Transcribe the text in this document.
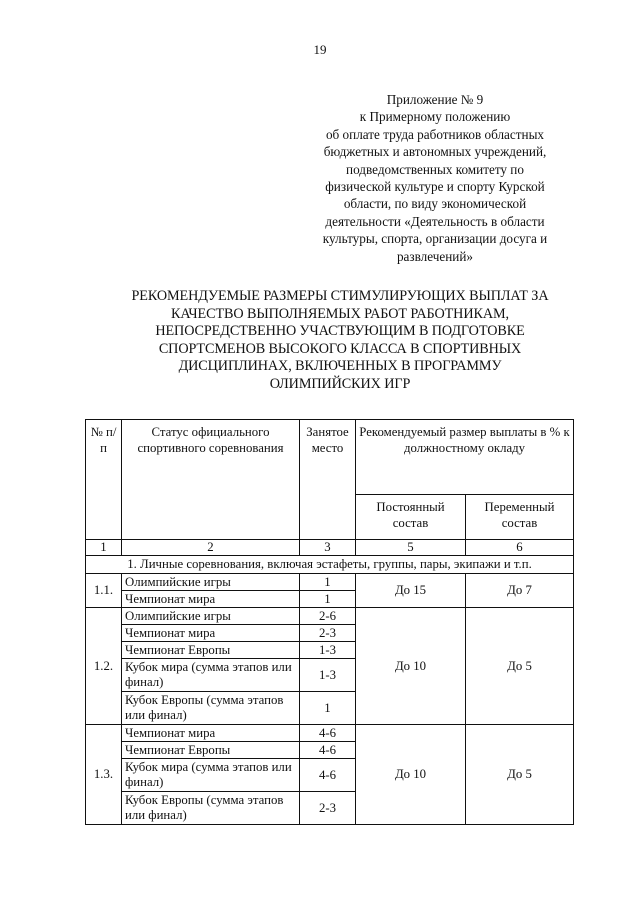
19
Приложение № 9
к Примерному положению
об оплате труда работников областных
бюджетных и автономных учреждений,
подведомственных комитету по
физической культуре и спорту Курской
области, по виду экономической
деятельности «Деятельность в области
культуры, спорта, организации досуга и
развлечений»
РЕКОМЕНДУЕМЫЕ РАЗМЕРЫ СТИМУЛИРУЮЩИХ ВЫПЛАТ ЗА
КАЧЕСТВО ВЫПОЛНЯЕМЫХ РАБОТ РАБОТНИКАМ,
НЕПОСРЕДСТВЕННО УЧАСТВУЮЩИМ В ПОДГОТОВКЕ
СПОРТСМЕНОВ ВЫСОКОГО КЛАССА В СПОРТИВНЫХ
ДИСЦИПЛИНАХ, ВКЛЮЧЕННЫХ В ПРОГРАММУ
ОЛИМПИЙСКИХ ИГР
№ п/п	Статус официального спортивного соревнования	Занятое место	Рекомендуемый размер выплаты в % к должностному окладу	
			Постоянный состав	Переменный состав
1	2	3	5	6
1. Личные соревнования, включая эстафеты, группы, пары, экипажи и т.п.				
1.1.	Олимпийские игры	1	До 15	До 7
	Чемпионат мира	1		
1.2.	Олимпийские игры	2-6	До 10	До 5
	Чемпионат мира	2-3		
	Чемпионат Европы	1-3		
	Кубок мира (сумма этапов или финал)	1-3		
	Кубок Европы (сумма этапов или финал)	1		
1.3.	Чемпионат мира	4-6	До 10	До 5
	Чемпионат Европы	4-6		
	Кубок мира (сумма этапов или финал)	4-6		
	Кубок Европы (сумма этапов или финал)	2-3		
